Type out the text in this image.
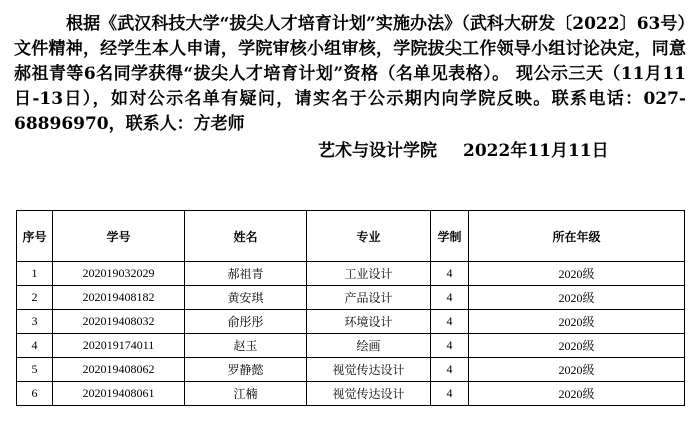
根据《武汉科技大学“拔尖人才培育计划”实施办法》（武科大研发〔2022〕63号）文件精神，经学生本人申请，学院审核小组审核，学院拔尖工作领导小组讨论决定，同意郝祖青等6名同学获得“拔尖人才培育计划”资格（名单见表格）。 现公示三天（11月11日-13日），如对公示名单有疑问，请实名于公示期内向学院反映。联系电话：027-68896970，联系人：方老师

艺术与设计学院 2022年11月11日
序号	学号	姓名	专业	学制	所在年级
1	202019032029	郝祖青	工业设计	4	2020级
2	202019408182	黄安琪	产品设计	4	2020级
3	202019408032	俞彤彤	环境设计	4	2020级
4	202019174011	赵玉	绘画	4	2020级
5	202019408062	罗静懿	视觉传达设计	4	2020级
6	202019408061	江楠	视觉传达设计	4	2020级
